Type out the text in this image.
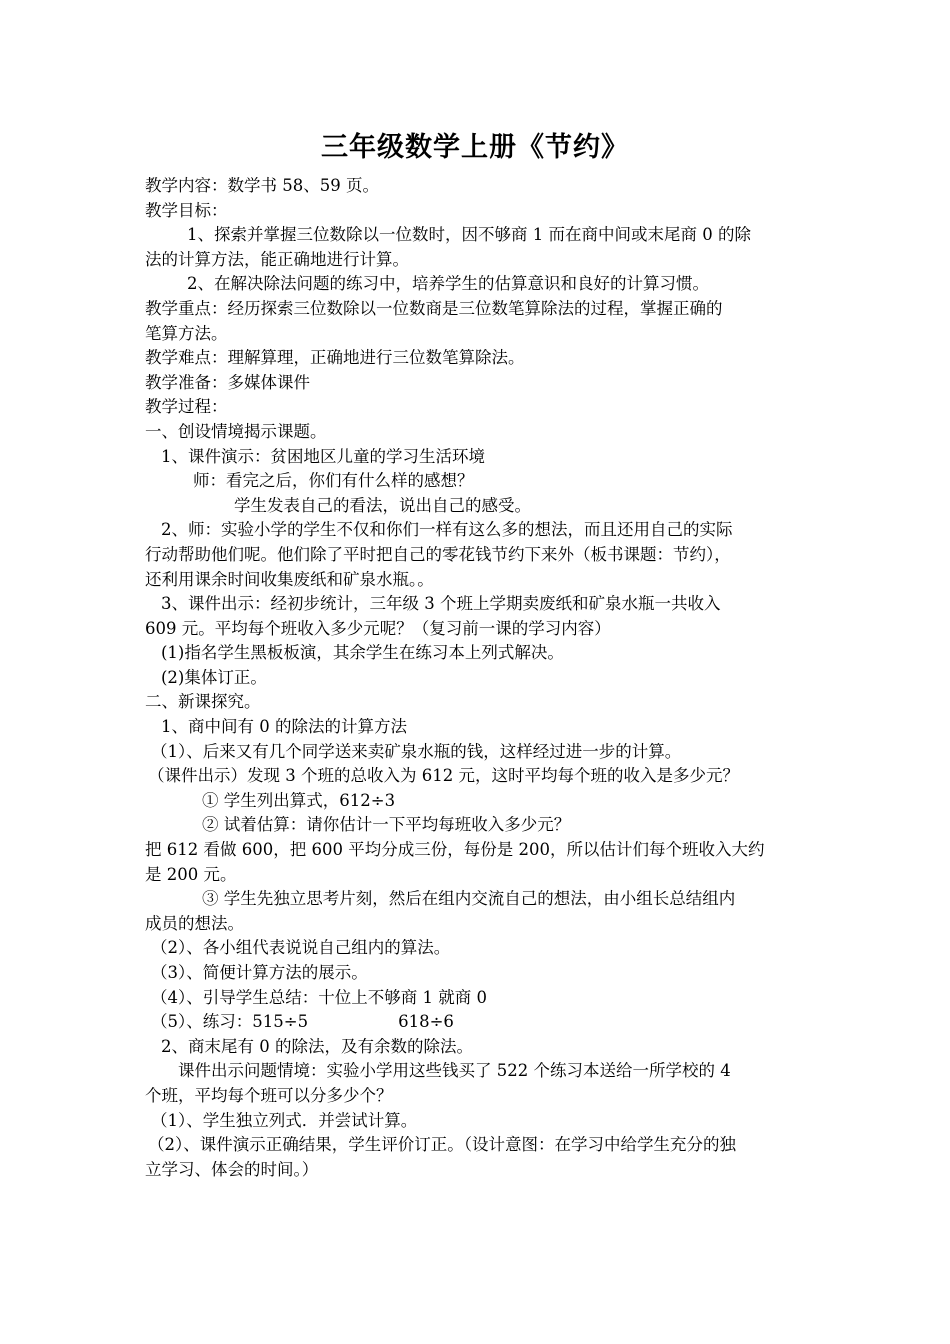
三年级数学上册《节约》
教学内容：数学书 58、59 页。
教学目标：
1、探索并掌握三位数除以一位数时，因不够商 1 而在商中间或末尾商 0 的除
法的计算方法，能正确地进行计算。
2、在解决除法问题的练习中，培养学生的估算意识和良好的计算习惯。
教学重点：经历探索三位数除以一位数商是三位数笔算除法的过程，掌握正确的
笔算方法。
教学难点：理解算理，正确地进行三位数笔算除法。
教学准备：多媒体课件
教学过程：
一、创设情境揭示课题。
1、课件演示：贫困地区儿童的学习生活环境
师：看完之后，你们有什么样的感想？
学生发表自己的看法，说出自己的感受。
2、师：实验小学的学生不仅和你们一样有这么多的想法，而且还用自己的实际
行动帮助他们呢。他们除了平时把自己的零花钱节约下来外（板书课题：节约），
还利用课余时间收集废纸和矿泉水瓶。。
3、课件出示：经初步统计，三年级 3 个班上学期卖废纸和矿泉水瓶一共收入
609 元。平均每个班收入多少元呢？（复习前一课的学习内容）
(1)指名学生黑板板演，其余学生在练习本上列式解决。
(2)集体订正。
二、新课探究。
1、商中间有 0 的除法的计算方法
（1）、后来又有几个同学送来卖矿泉水瓶的钱，这样经过进一步的计算。
（课件出示）发现 3 个班的总收入为 612 元，这时平均每个班的收入是多少元？
① 学生列出算式，612÷3
② 试着估算：请你估计一下平均每班收入多少元？
把 612 看做 600，把 600 平均分成三份，每份是 200，所以估计们每个班收入大约
是 200 元。
③ 学生先独立思考片刻，然后在组内交流自己的想法，由小组长总结组内
成员的想法。
（2）、各小组代表说说自己组内的算法。
（3）、简便计算方法的展示。
（4）、引导学生总结：十位上不够商 1 就商 0
（5）、练习：515÷5	618÷6
2、商末尾有 0 的除法，及有余数的除法。
课件出示问题情境：实验小学用这些钱买了 522 个练习本送给一所学校的 4
个班，平均每个班可以分多少个？
（1）、学生独立列式．并尝试计算。
（2）、课件演示正确结果，学生评价订正。（设计意图：在学习中给学生充分的独
立学习、体会的时间。）
